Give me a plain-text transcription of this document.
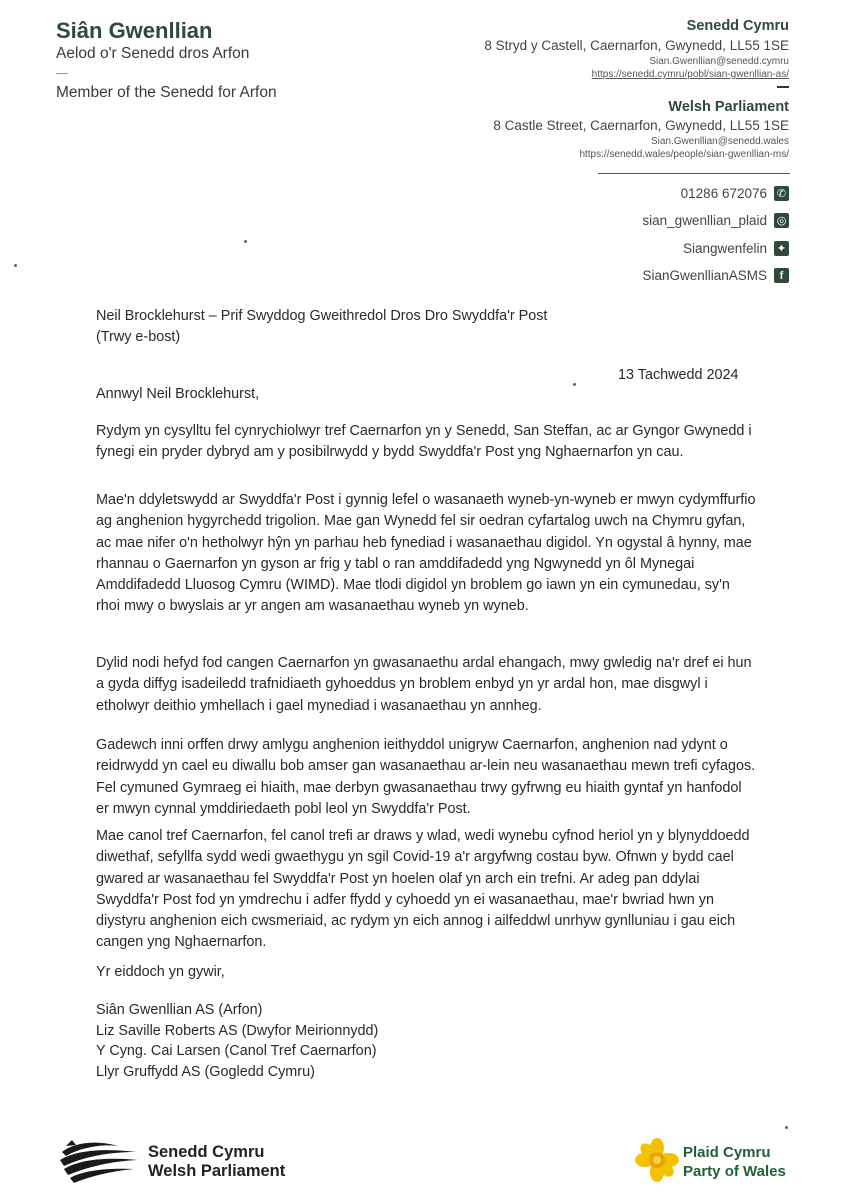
Siân Gwenllian
Aelod o'r Senedd dros Arfon
Member of the Senedd for Arfon
Senedd Cymru
8 Stryd y Castell, Caernarfon, Gwynedd, LL55 1SE
Sian.Gwenllian@senedd.cymru
https://senedd.cymru/pobl/sian-gwenllian-as/
Welsh Parliament
8 Castle Street, Caernarfon, Gwynedd, LL55 1SE
Sian.Gwenllian@senedd.wales
https://senedd.wales/people/sian-gwenllian-ms/
01286 672076 ✆
sian_gwenllian_plaid ◎
Siangwenfelin ✦
SianGwenllianASMS	f
Neil Brocklehurst – Prif Swyddog Gweithredol Dros Dro Swyddfa'r Post
(Trwy e-bost)
13 Tachwedd 2024
Annwyl Neil Brocklehurst,

Rydym yn cysylltu fel cynrychiolwyr tref Caernarfon yn y Senedd, San Steffan, ac ar Gyngor Gwynedd i fynegi ein pryder dybryd am y posibilrwydd y bydd Swyddfa'r Post yng Nghaernarfon yn cau.

Mae'n ddyletswydd ar Swyddfa'r Post i gynnig lefel o wasanaeth wyneb-yn-wyneb er mwyn cydymffurfio ag anghenion hygyrchedd trigolion. Mae gan Wynedd fel sir oedran cyfartalog uwch na Chymru gyfan, ac mae nifer o'n hetholwyr hŷn yn parhau heb fynediad i wasanaethau digidol. Yn ogystal â hynny, mae rhannau o Gaernarfon yn gyson ar frig y tabl o ran amddifadedd yng Ngwynedd yn ôl Mynegai Amddifadedd Lluosog Cymru (WIMD). Mae tlodi digidol yn broblem go iawn yn ein cymunedau, sy'n rhoi mwy o bwyslais ar yr angen am wasanaethau wyneb yn wyneb.

Dylid nodi hefyd fod cangen Caernarfon yn gwasanaethu ardal ehangach, mwy gwledig na'r dref ei hun a gyda diffyg isadeiledd trafnidiaeth gyhoeddus yn broblem enbyd yn yr ardal hon, mae disgwyl i etholwyr deithio ymhellach i gael mynediad i wasanaethau yn annheg.

Gadewch inni orffen drwy amlygu anghenion ieithyddol unigryw Caernarfon, anghenion nad ydynt o reidrwydd yn cael eu diwallu bob amser gan wasanaethau ar-lein neu wasanaethau mewn trefi cyfagos. Fel cymuned Gymraeg ei hiaith, mae derbyn gwasanaethau trwy gyfrwng eu hiaith gyntaf yn hanfodol er mwyn cynnal ymddiriedaeth pobl leol yn Swyddfa'r Post.

Mae canol tref Caernarfon, fel canol trefi ar draws y wlad, wedi wynebu cyfnod heriol yn y blynyddoedd diwethaf, sefyllfa sydd wedi gwaethygu yn sgil Covid-19 a'r argyfwng costau byw. Ofnwn y bydd cael gwared ar wasanaethau fel Swyddfa'r Post yn hoelen olaf yn arch ein trefni. Ar adeg pan ddylai Swyddfa'r Post fod yn ymdrechu i adfer ffydd y cyhoedd yn ei wasanaethau, mae'r bwriad hwn yn diystyru anghenion eich cwsmeriaid, ac rydym yn eich annog i ailfeddwl unrhyw gynlluniau i gau eich cangen yng Nghaernarfon.

Yr eiddoch yn gywir,
Siân Gwenllian AS (Arfon)
Liz Saville Roberts AS (Dwyfor Meirionnydd)
Y Cyng. Cai Larsen (Canol Tref Caernarfon)
Llyr Gruffydd AS (Gogledd Cymru)
Senedd Cymru
Welsh Parliament
Plaid Cymru
Party of Wales
